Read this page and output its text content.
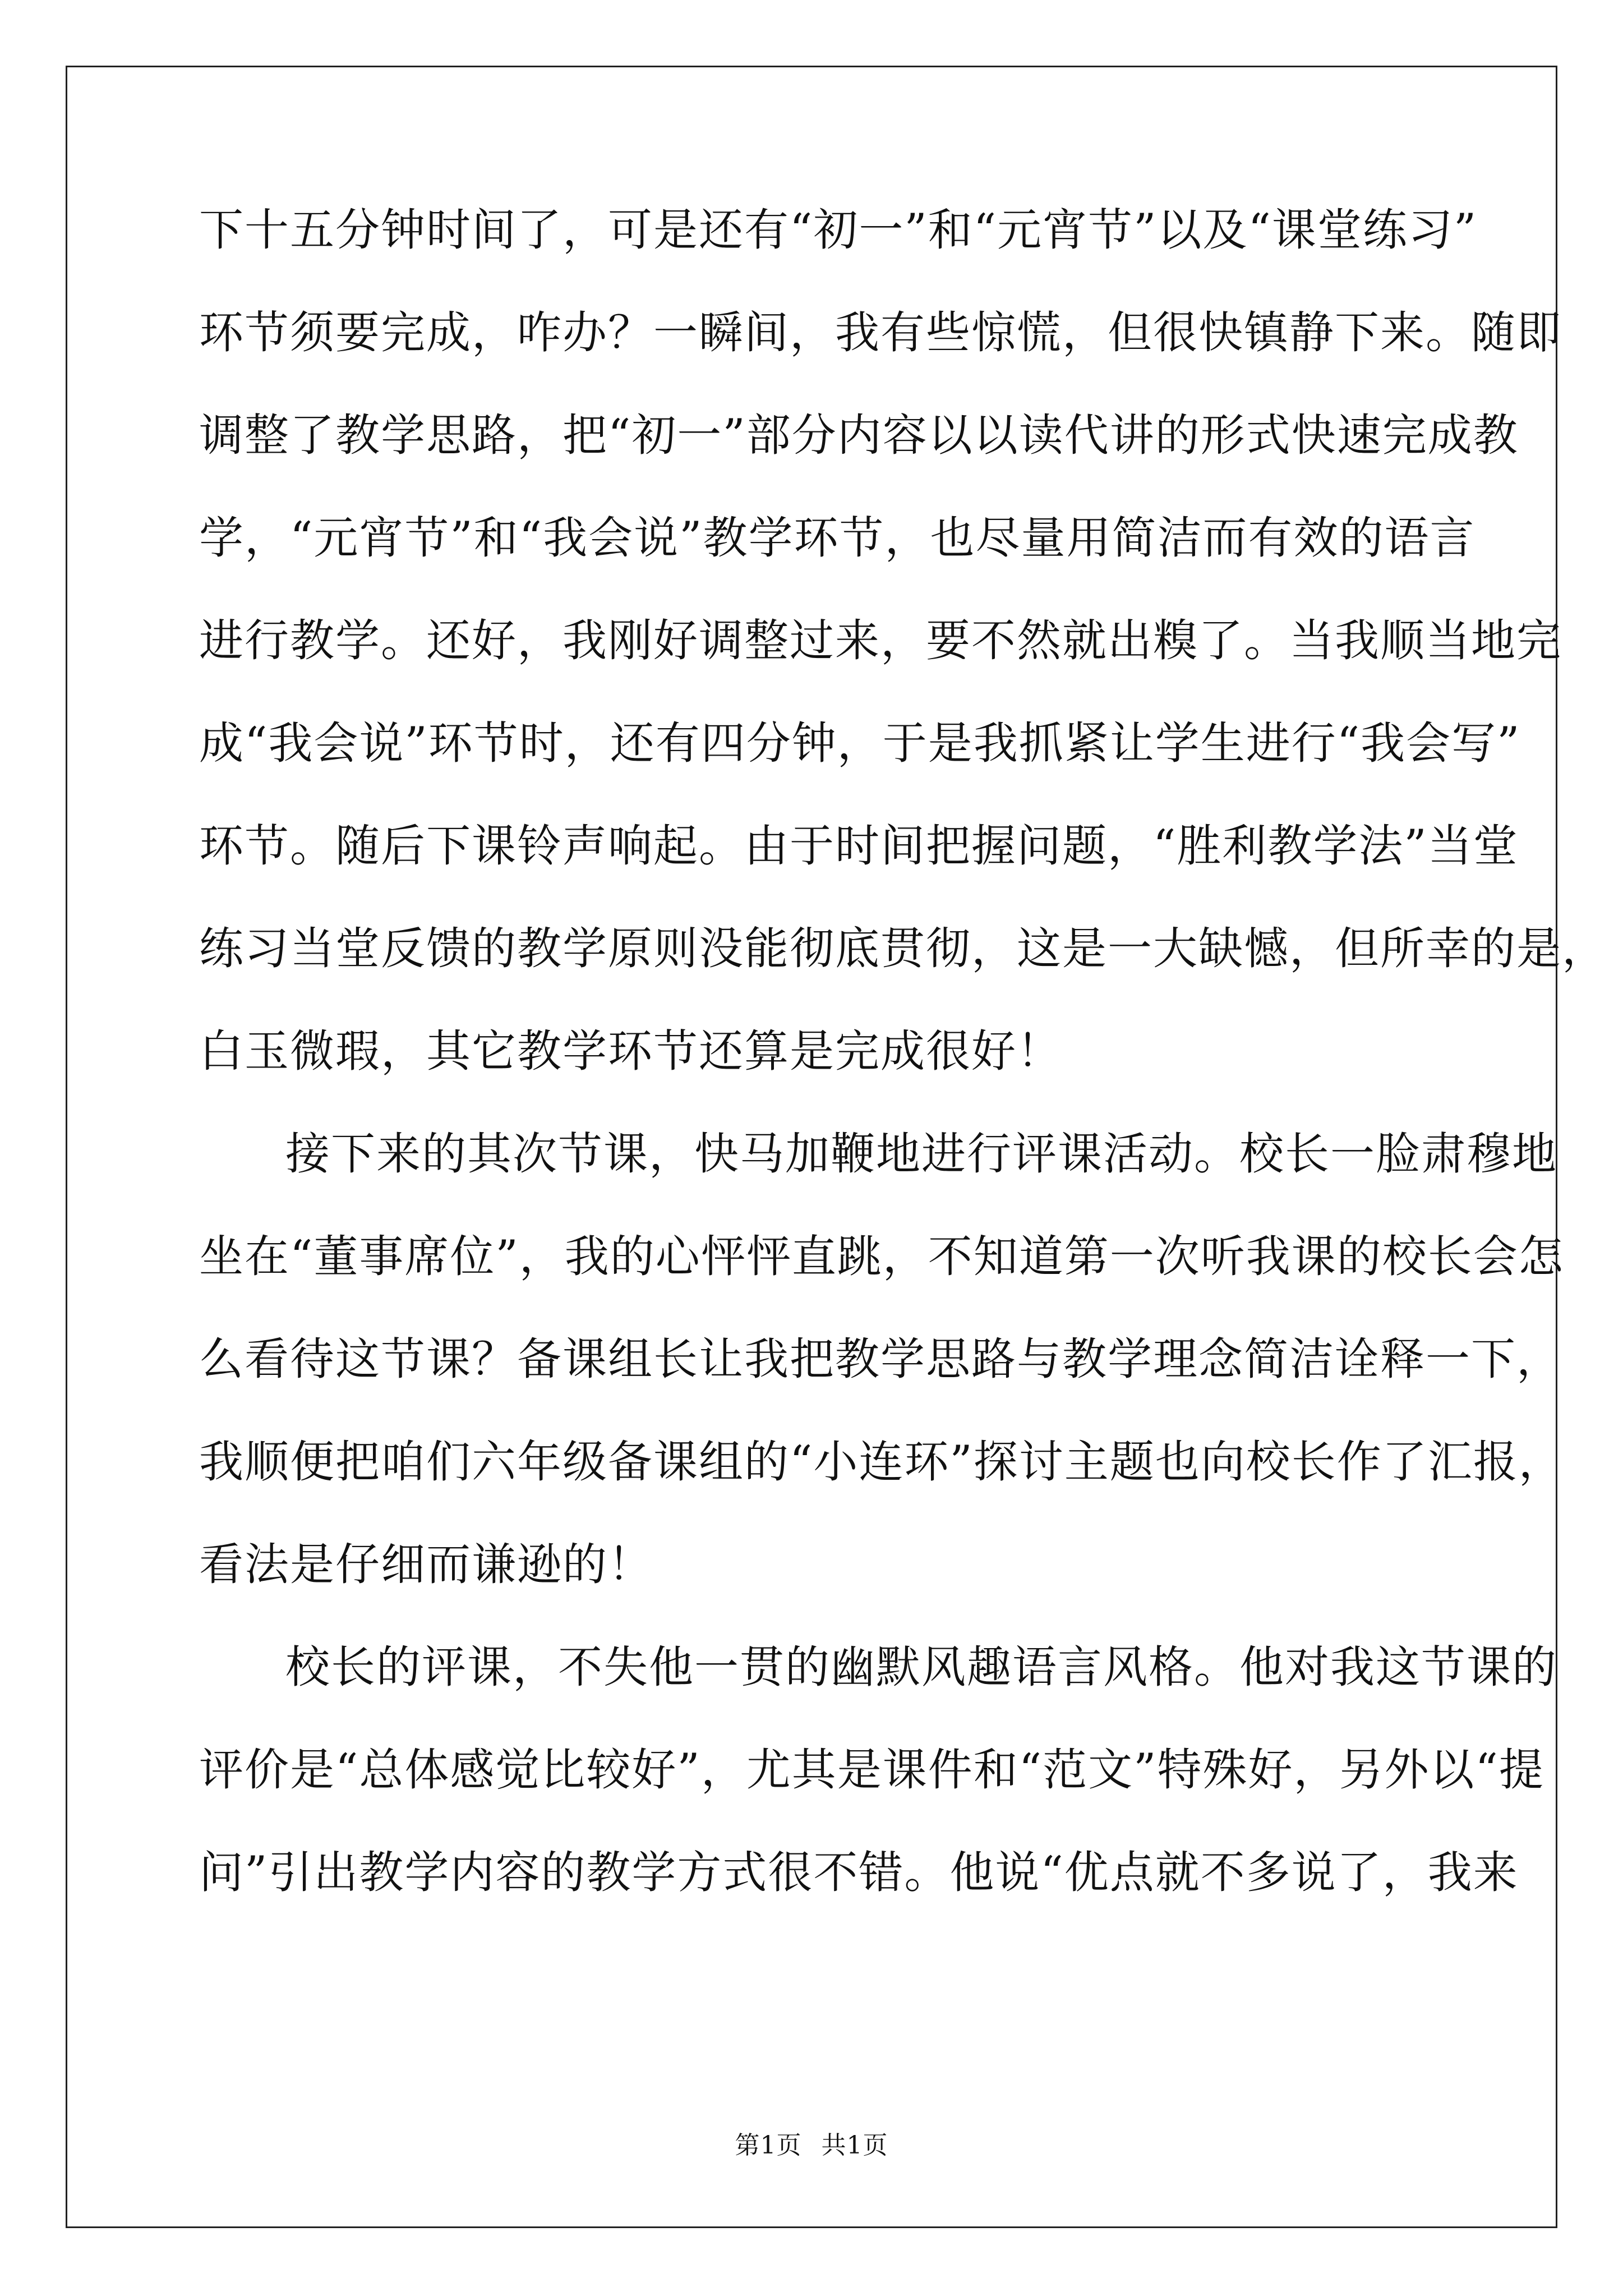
下十五分钟时间了，可是还有“初一”和“元宵节”以及“课堂练习”
环节须要完成，咋办？一瞬间，我有些惊慌，但很快镇静下来。随即
调整了教学思路，把“初一”部分内容以以读代讲的形式快速完成教
学，“元宵节”和“我会说”教学环节，也尽量用简洁而有效的语言
进行教学。还好，我刚好调整过来，要不然就出糗了。当我顺当地完
成“我会说”环节时，还有四分钟，于是我抓紧让学生进行“我会写”
环节。随后下课铃声响起。由于时间把握问题，“胜利教学法”当堂
练习当堂反馈的教学原则没能彻底贯彻，这是一大缺憾，但所幸的是，
白玉微瑕，其它教学环节还算是完成很好！
接下来的其次节课，快马加鞭地进行评课活动。校长一脸肃穆地
坐在“董事席位”，我的心怦怦直跳，不知道第一次听我课的校长会怎
么看待这节课？备课组长让我把教学思路与教学理念简洁诠释一下，
我顺便把咱们六年级备课组的“小连环”探讨主题也向校长作了汇报，
看法是仔细而谦逊的！
校长的评课，不失他一贯的幽默风趣语言风格。他对我这节课的
评价是“总体感觉比较好”，尤其是课件和“范文”特殊好，另外以“提
问”引出教学内容的教学方式很不错。他说“优点就不多说了，我来
第1页 共1页
